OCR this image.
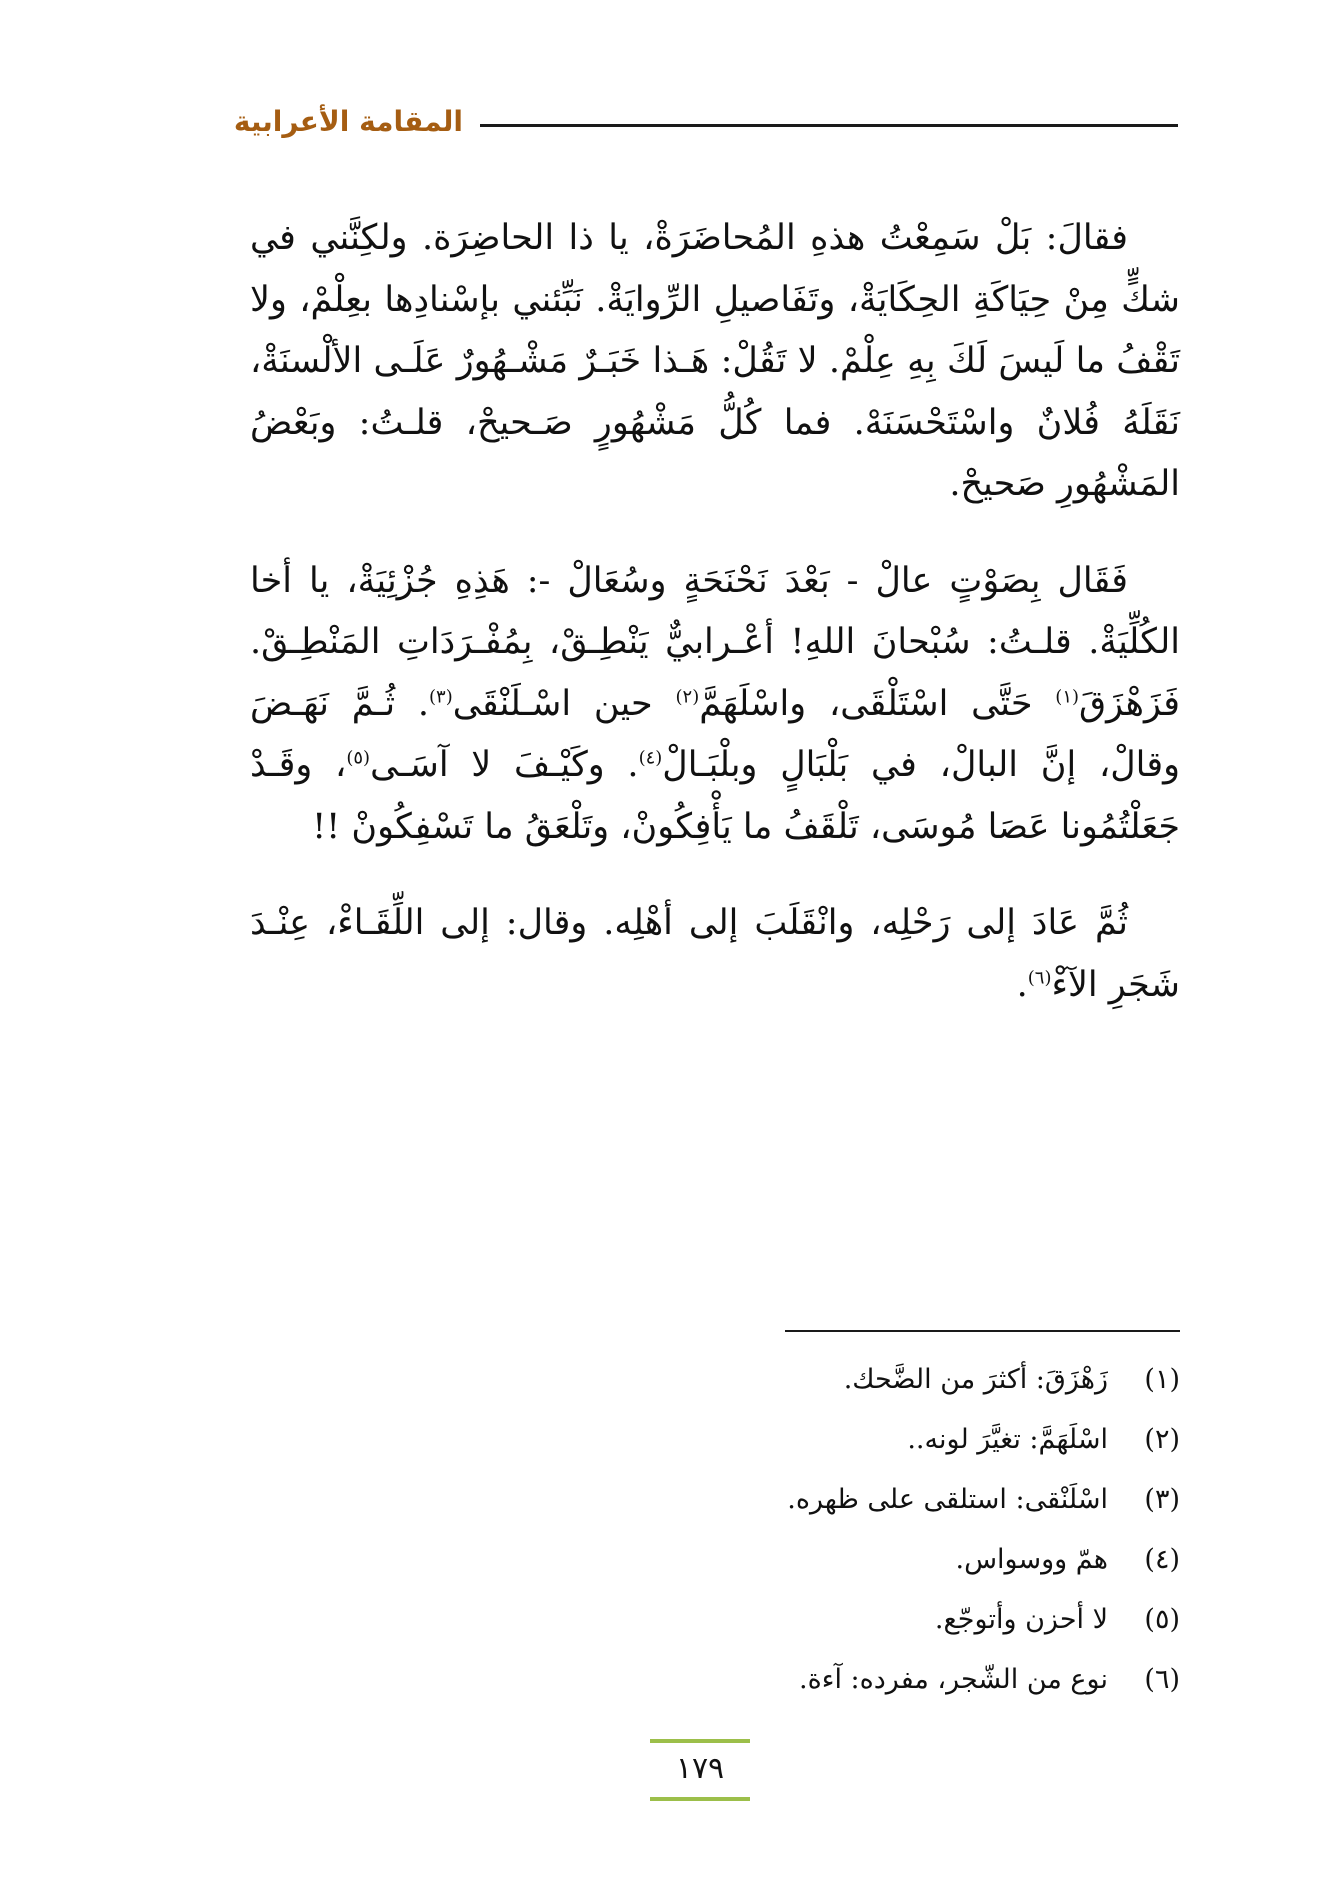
المقامة الأعرابية

فقالَ: بَلْ سَمِعْتُ هذهِ المُحاضَرَةْ، يا ذا الحاضِرَة. ولكِنَّني في شكٍّ مِنْ حِيَاكَةِ الحِكَايَةْ، وتَفَاصيلِ الرِّوايَةْ. نَبِّئني بإسْنادِها بعِلْمْ، ولا تَقْفُ ما لَيسَ لَكَ بِهِ عِلْمْ. لا تَقُلْ: هَـذا خَبَـرٌ مَشْـهُورٌ عَلَـى الألْسنَةْ، نَقَلَهُ فُلانٌ واسْتَحْسَنَهْ. فما كُلُّ مَشْهُورٍ صَـحيحْ، قلـتُ: وبَعْضُ المَشْهُورِ صَحيحْ.

فَقَال بِصَوْتٍ عالْ - بَعْدَ نَحْنَحَةٍ وسُعَالْ -: هَذِهِ جُزْئِيَةْ، يا أخا الكُلِّيَةْ. قلـتُ: سُبْحانَ اللهِ! أعْـرابيٌّ يَنْطِـقْ، بِمُفْـرَدَاتِ المَنْطِـقْ. فَزَهْزَقَ$^{(١)}$ حَتَّى اسْتَلْقَى، واسْلَهَمَّ$^{(٢)}$ حين اسْـلَنْقَى$^{(٣)}$. ثُـمَّ نَهَـضَ وقالْ، إنَّ البالْ، في بَلْبَالٍ وبلْبَـالْ$^{(٤)}$. وكَيْـفَ لا آسَـى$^{(٥)}$، وقَـدْ جَعَلْتُمُونا عَصَا مُوسَى، تَلْقَفُ ما يَأْفِكُونْ، وتَلْعَقُ ما تَسْفِكُونْ !!

ثُمَّ عَادَ إلى رَحْلِه، وانْقَلَبَ إلى أهْلِه. وقال: إلى اللِّقَـاءْ، عِنْـدَ شَجَرِ الآءْ$^{(٦)}$.

(١)
زَهْزَقَ: أكثرَ من الضَّحك.
(٢)
اسْلَهَمَّ: تغيَّرَ لونه..
(٣)
اسْلَنْقى: استلقى على ظهره.
(٤)
همّ ووسواس.
(٥)
لا أحزن وأتوجّع.
(٦)
نوع من الشّجر، مفرده: آءة.
١٧٩
